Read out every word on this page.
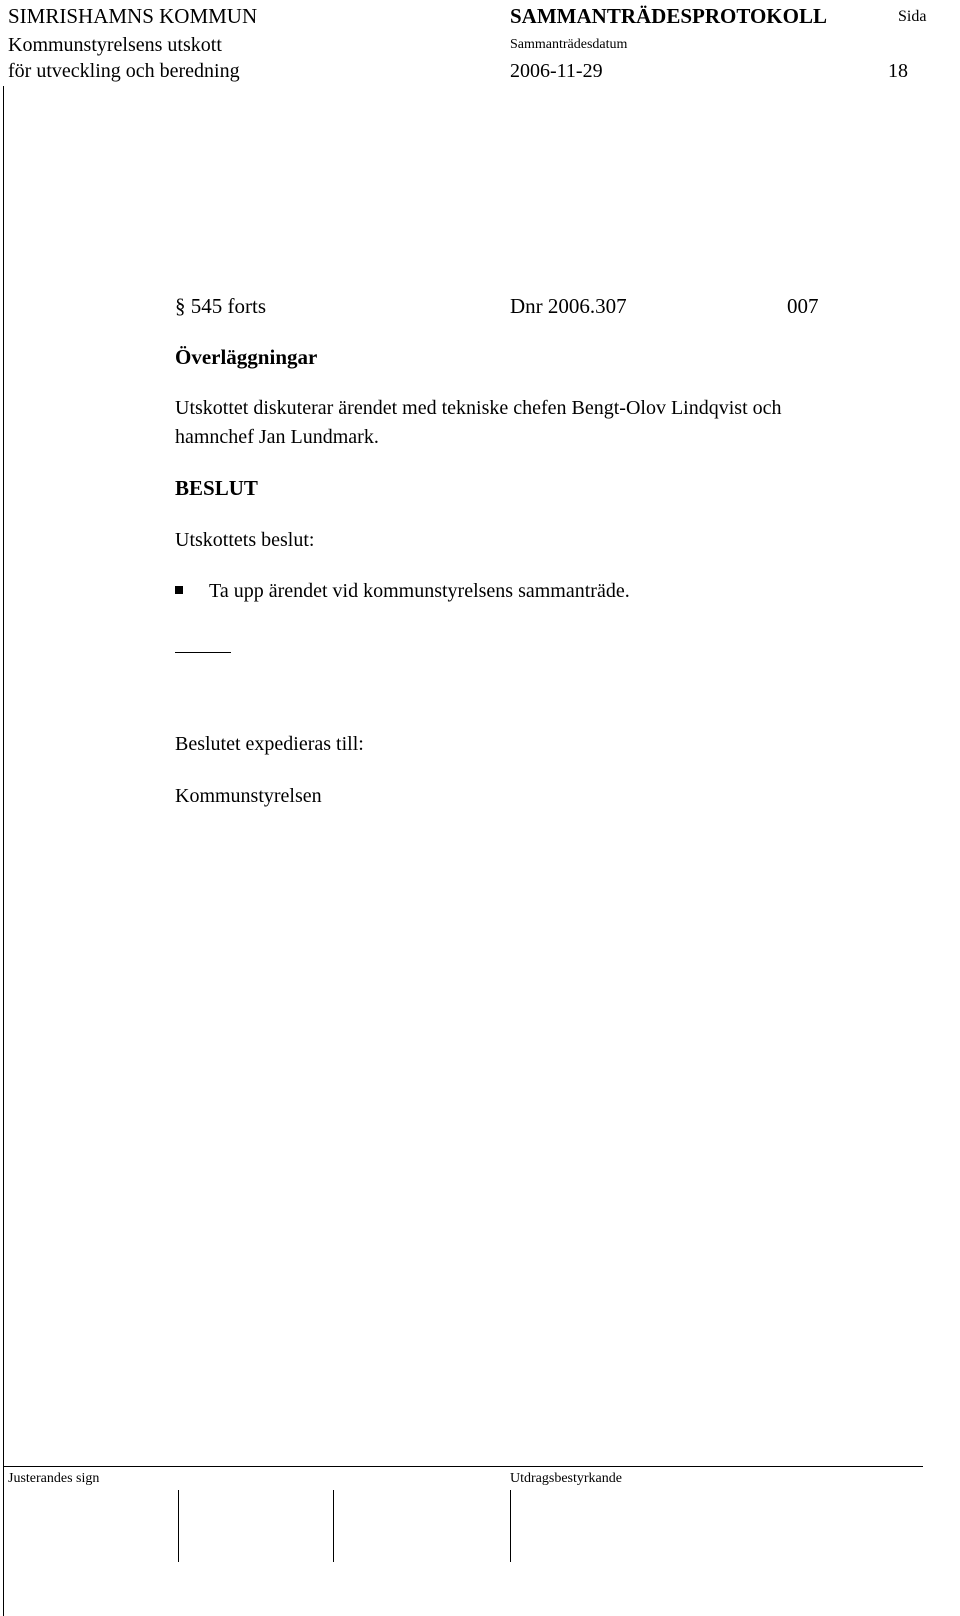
SIMRISHAMNS KOMMUN
Kommunstyrelsens utskott
för utveckling och beredning
SAMMANTRÄDESPROTOKOLL
Sammanträdesdatum
2006-11-29
Sida
18
§ 545 forts	Dnr 2006.307	007
Överläggningar
Utskottet diskuterar ärendet med tekniske chefen Bengt-Olov Lindqvist och
hamnchef Jan Lundmark.
BESLUT
Utskottets beslut:
Ta upp ärendet vid kommunstyrelsens sammanträde.
Beslutet expedieras till:
Kommunstyrelsen
Justerandes sign	Utdragsbestyrkande
